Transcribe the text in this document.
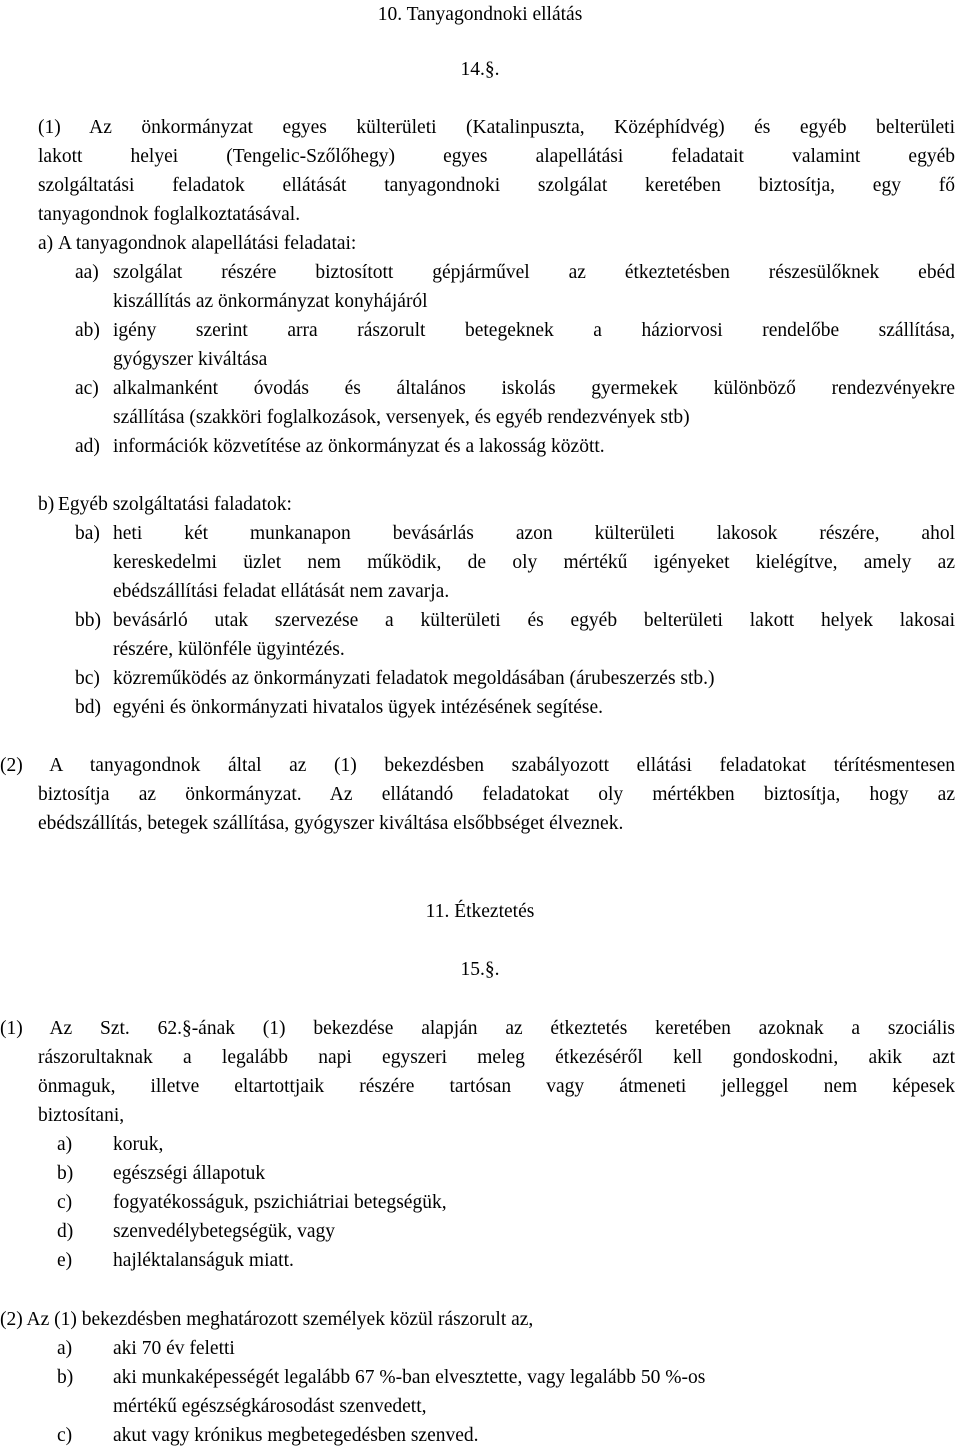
10. Tanyagondnoki ellátás
14.§.
(1) Az önkormányzat egyes külterületi (Katalinpuszta, Középhídvég) és egyéb belterületi
lakott helyei (Tengelic-Szőlőhegy) egyes alapellátási feladatait valamint egyéb
szolgáltatási feladatok ellátását tanyagondnoki szolgálat keretében biztosítja, egy fő
tanyagondnok foglalkoztatásával.
a) A tanyagondnok alapellátási feladatai:
aa) szolgálat részére biztosított gépjárművel az étkeztetésben részesülőknek ebéd
kiszállítás az önkormányzat konyhájáról
ab) igény szerint arra rászorult betegeknek a háziorvosi rendelőbe szállítása,
gyógyszer kiváltása
ac) alkalmanként óvodás és általános iskolás gyermekek különböző rendezvényekre
szállítása (szakköri foglalkozások, versenyek, és egyéb rendezvények stb)
ad) információk közvetítése az önkormányzat és a lakosság között.
b) Egyéb szolgáltatási faladatok:
ba) heti két munkanapon bevásárlás azon külterületi lakosok részére, ahol
kereskedelmi üzlet nem működik, de oly mértékű igényeket kielégítve, amely az
ebédszállítási feladat ellátását nem zavarja.
bb) bevásárló utak szervezése a külterületi és egyéb belterületi lakott helyek lakosai
részére, különféle ügyintézés.
bc) közreműködés az önkormányzati feladatok megoldásában (árubeszerzés stb.)
bd) egyéni és önkormányzati hivatalos ügyek intézésének segítése.
(2) A tanyagondnok által az (1) bekezdésben szabályozott ellátási feladatokat térítésmentesen
biztosítja az önkormányzat. Az ellátandó feladatokat oly mértékben biztosítja, hogy az
ebédszállítás, betegek szállítása, gyógyszer kiváltása elsőbbséget élveznek.
11. Étkeztetés
15.§.
(1) Az Szt. 62.§-ának (1) bekezdése alapján az étkeztetés keretében azoknak a szociális
rászorultaknak a legalább napi egyszeri meleg étkezéséről kell gondoskodni, akik azt
önmaguk, illetve eltartottjaik részére tartósan vagy átmeneti jelleggel nem képesek
biztosítani,
a) koruk,
b) egészségi állapotuk
c) fogyatékosságuk, pszichiátriai betegségük,
d) szenvedélybetegségük, vagy
e) hajléktalanságuk miatt.
(2) Az (1) bekezdésben meghatározott személyek közül rászorult az,
a) aki 70 év feletti
b) aki munkaképességét legalább 67 %-ban elvesztette, vagy legalább 50 %-os
mértékű egészségkárosodást szenvedett,
c) akut vagy krónikus megbetegedésben szenved.
